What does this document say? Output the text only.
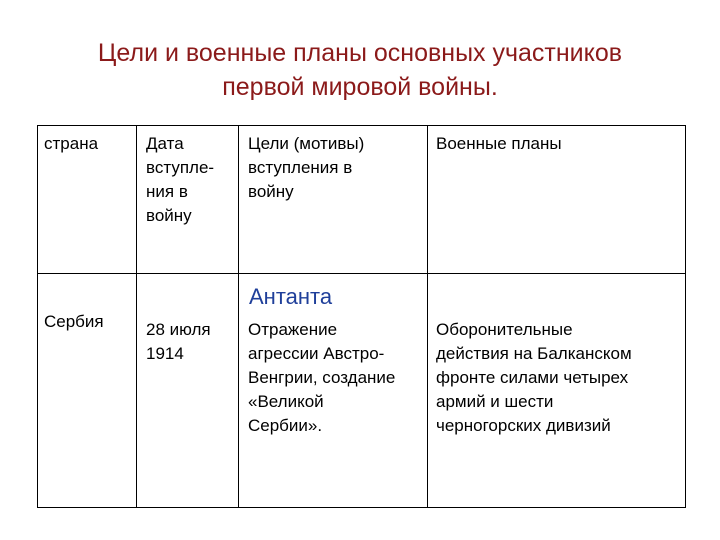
Цели и военные планы основных участников
первой мировой войны.
страна	Дата
вступле-
ния в
войну
Цели (мотивы)
вступления в
войну
Военные планы
Антанта
Сербия 28 июля
1914
Отражение
агрессии Австро-
Венгрии, создание
«Великой
Сербии».
Оборонительные
действия на Балканском
фронте силами четырех
армий и шести
черногорских дивизий
